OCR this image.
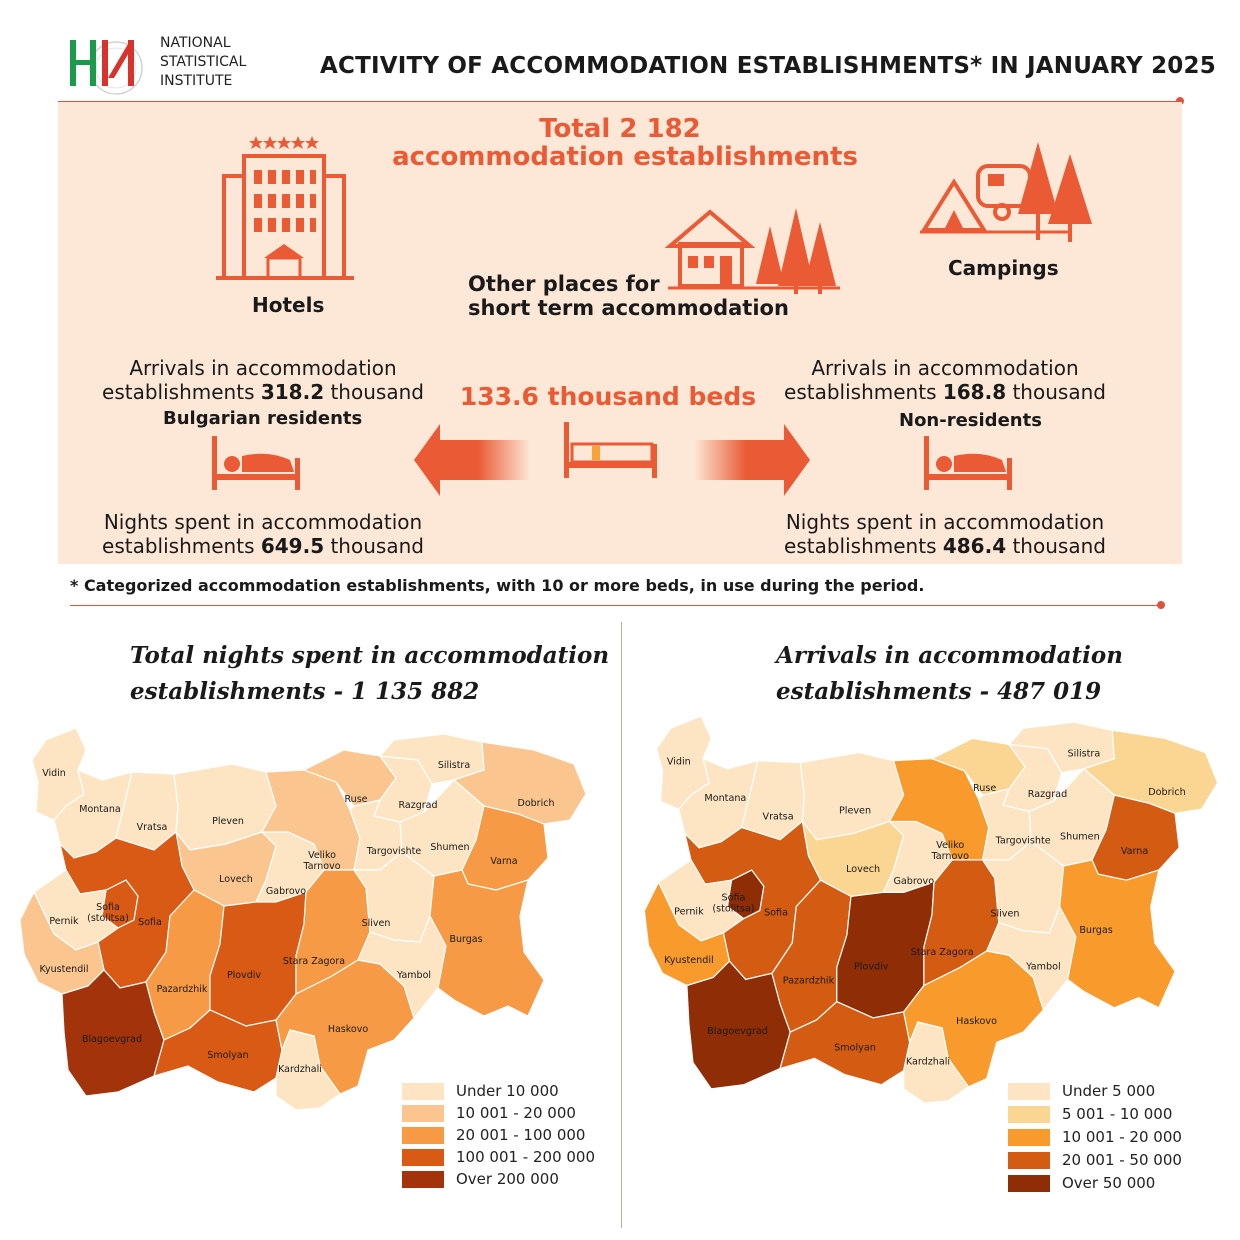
NATIONAL
STATISTICAL
INSTITUTE
ACTIVITY OF ACCOMMODATION ESTABLISHMENTS* IN JANUARY 2025
Total 2 182
accommodation establishments
Hotels
Other places for
short term accommodation
Campings
Arrivals in accommodation
establishments 318.2 thousand
Bulgarian residents
Nights spent in accommodation
establishments 649.5 thousand
133.6 thousand beds
Arrivals in accommodation
establishments 168.8 thousand
Non-residents
Nights spent in accommodation
establishments 486.4 thousand
* Categorized accommodation establishments, with 10 or more beds, in use during the period.
Total nights spent in accommodation
establishments - 1 135 882
Arrivals in accommodation
establishments - 487 019
Vidin
Montana
Vratsa
Pleven
Lovech
Gabrovo
Veliko Tarnovo
Ruse
Razgrad
Silistra
Dobrich
Targovishte Shumen
Varna
Sofia (stolitsa) Sofia
Pernik
Kyustendil
Blagoevgrad
Pazardzhik
Plovdiv
Smolyan
Stara Zagora
Haskovo
Kardzhali
Sliven
Yambol
Burgas
Vidin
Montana
Vratsa
Pleven
Lovech
Gabrovo
Veliko Tarnovo
Ruse
Razgrad
Silistra
Dobrich
Targovishte Shumen
Varna
Sofia (stolitsa) Sofia
Pernik
Kyustendil
Blagoevgrad
Pazardzhik
Plovdiv
Smolyan
Stara Zagora
Haskovo
Kardzhali
Sliven
Yambol
Burgas
Under 10 000
10 001 - 20 000
20 001 - 100 000
100 001 - 200 000
Over 200 000
Under 5 000
5 001 - 10 000
10 001 - 20 000
20 001 - 50 000
Over 50 000
